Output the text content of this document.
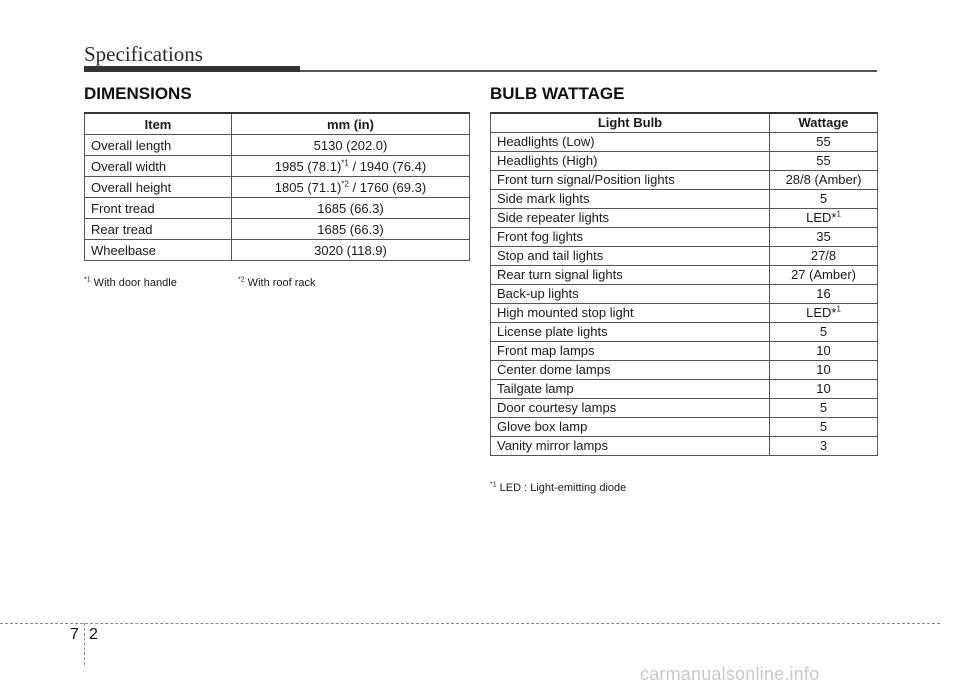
Specifications
DIMENSIONS
Item	mm (in)
Overall length	5130 (202.0)
Overall width	1985 $(78.1)^{*1} / 1940$ (76.4)
Overall height	1805 $(71.1)^{*2} / 1760$ (69.3)
Front tread	1685 (66.3)
Rear tread	1685 (66.3)
Wheelbase	3020 (118.9)
$^{*1}$ With door handle	$^{*2}$ With roof rack
BULB WATTAGE
Light Bulb	Wattage
Headlights (Low)	55
Headlights (High)	55
Front turn signal/Position lights	28/8 (Amber)
Side mark lights	5
Side repeater lights	LED*$^1$
Front fog lights	35
Stop and tail lights	27/8
Rear turn signal lights	27 (Amber)
Back-up lights	16
High mounted stop light	LED*$^1$
License plate lights	5
Front map lamps	10
Center dome lamps	10
Tailgate lamp	10
Door courtesy lamps	5
Glove box lamp	5
Vanity mirror lamps	3
$^{*1}$ LED : Light-emitting diode
7 2
carmanualsonline.info
